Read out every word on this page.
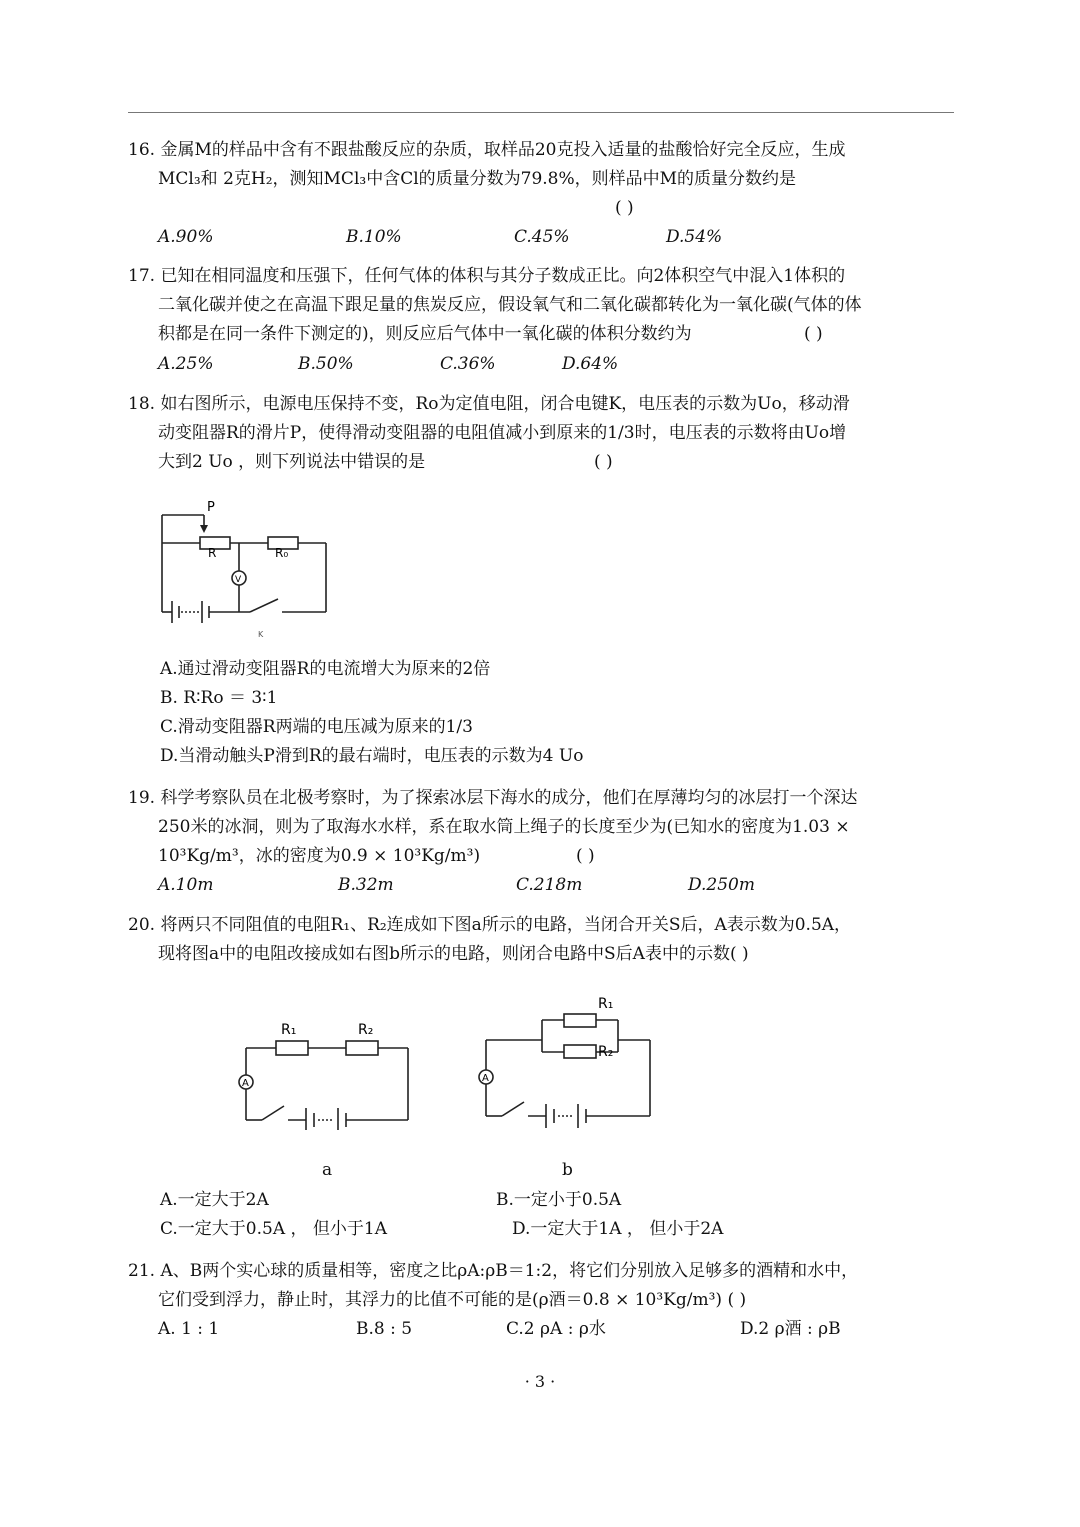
16. 金属M的样品中含有不跟盐酸反应的杂质，取样品20克投入适量的盐酸恰好完全反应，生成
MCl₃和 2克H₂，测知MCl₃中含Cl的质量分数为79.8%，则样品中M的质量分数约是
( )
A.90%	B.10%	C.45%	D.54%
17. 已知在相同温度和压强下，任何气体的体积与其分子数成正比。向2体积空气中混入1体积的
二氧化碳并使之在高温下跟足量的焦炭反应，假设氧气和二氧化碳都转化为一氧化碳(气体的体
积都是在同一条件下测定的)，则反应后气体中一氧化碳的体积分数约为	( )
A.25%	B.50%	C.36%	D.64%
18. 如右图所示，电源电压保持不变，Ro为定值电阻，闭合电键K，电压表的示数为Uo，移动滑
动变阻器R的滑片P，使得滑动变阻器的电阻值减小到原来的1/3时，电压表的示数将由Uo增
大到2 Uo ，则下列说法中错误的是	( )
P
R	R₀
V
K
A.通过滑动变阻器R的电流增大为原来的2倍
B. R∶Ro ＝ 3∶1
C.滑动变阻器R两端的电压减为原来的1/3
D.当滑动触头P滑到R的最右端时，电压表的示数为4 Uo
19. 科学考察队员在北极考察时，为了探索冰层下海水的成分，他们在厚薄均匀的冰层打一个深达
250米的冰洞，则为了取海水水样，系在取水筒上绳子的长度至少为(已知水的密度为1.03 ×
10³Kg/m³，冰的密度为0.9 × 10³Kg/m³)	( )
A.10m	B.32m	C.218m	D.250m
20. 将两只不同阻值的电阻R₁、R₂连成如下图a所示的电路，当闭合开关S后，A表示数为0.5A，
现将图a中的电阻改接成如右图b所示的电路，则闭合电路中S后A表中的示数( )
R₁	R₂
A
a
R₁
R₂
A
b
A.一定大于2A	B.一定小于0.5A
C.一定大于0.5A ， 但小于1A	D.一定大于1A ， 但小于2A
21. A、B两个实心球的质量相等，密度之比ρA:ρB＝1:2，将它们分别放入足够多的酒精和水中，
它们受到浮力，静止时，其浮力的比值不可能的是(ρ酒＝0.8 × 10³Kg/m³) ( )
A. 1 : 1	B.8 : 5	C.2 ρA : ρ水	D.2 ρ酒 : ρB
· 3 ·
